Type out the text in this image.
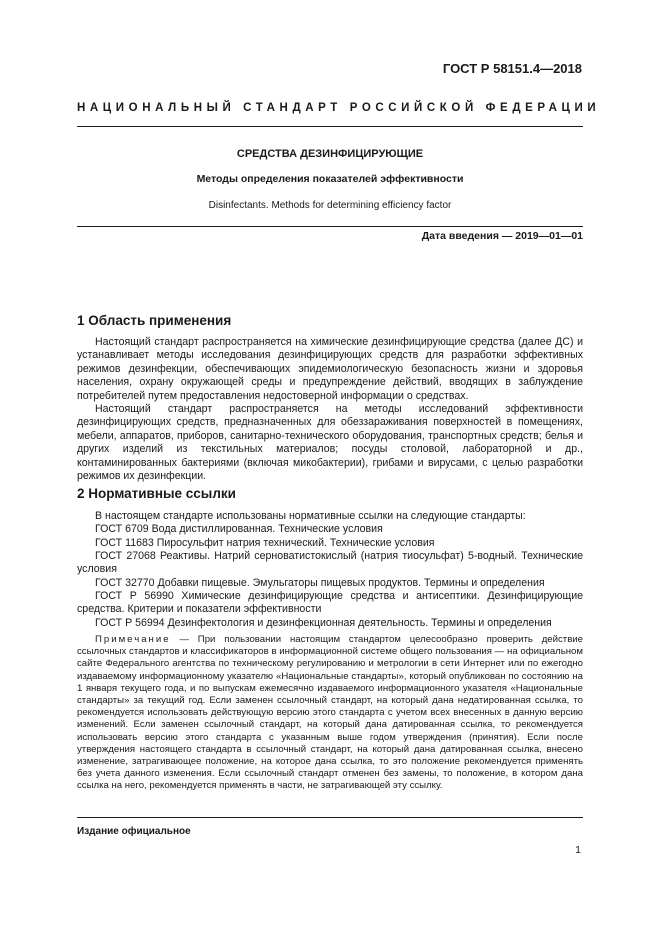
ГОСТ Р 58151.4—2018
НАЦИОНАЛЬНЫЙ СТАНДАРТ РОССИЙСКОЙ ФЕДЕРАЦИИ
СРЕДСТВА ДЕЗИНФИЦИРУЮЩИЕ
Методы определения показателей эффективности
Disinfectants. Methods for determining efficiency factor
Дата введения — 2019—01—01
1 Область применения

Настоящий стандарт распространяется на химические дезинфицирующие средства (далее ДС) и устанавливает методы исследования дезинфицирующих средств для разработки эффективных режимов дезинфекции, обеспечивающих эпидемиологическую безопасность жизни и здоровья населения, охрану окружающей среды и предупреждение действий, вводящих в заблуждение потребителей путем предоставления недостоверной информации о средствах.

Настоящий стандарт распространяется на методы исследований эффективности дезинфицирующих средств, предназначенных для обеззараживания поверхностей в помещениях, мебели, аппаратов, приборов, санитарно-технического оборудования, транспортных средств; белья и других изделий из текстильных материалов; посуды столовой, лабораторной и др., контаминированных бактериями (включая микобактерии), грибами и вирусами, с целью разработки режимов их дезинфекции.

2 Нормативные ссылки
В настоящем стандарте использованы нормативные ссылки на следующие стандарты:
ГОСТ 6709 Вода дистиллированная. Технические условия
ГОСТ 11683 Пиросульфит натрия технический. Технические условия

ГОСТ 27068 Реактивы. Натрий серноватистокислый (натрия тиосульфат) 5-водный. Технические условия

ГОСТ 32770 Добавки пищевые. Эмульгаторы пищевых продуктов. Термины и определения

ГОСТ Р 56990 Химические дезинфицирующие средства и антисептики. Дезинфицирующие средства. Критерии и показатели эффективности

ГОСТ Р 56994 Дезинфектология и дезинфекционная деятельность. Термины и определения

Примечание — При пользовании настоящим стандартом целесообразно проверить действие ссылочных стандартов и классификаторов в информационной системе общего пользования — на официальном сайте Федерального агентства по техническому регулированию и метрологии в сети Интернет или по ежегодно издаваемому информационному указателю «Национальные стандарты», который опубликован по состоянию на 1 января текущего года, и по выпускам ежемесячно издаваемого информационного указателя «Национальные стандарты» за текущий год. Если заменен ссылочный стандарт, на который дана недатированная ссылка, то рекомендуется использовать действующую версию этого стандарта с учетом всех внесенных в данную версию изменений. Если заменен ссылочный стандарт, на который дана датированная ссылка, то рекомендуется использовать версию этого стандарта с указанным выше годом утверждения (принятия). Если после утверждения настоящего стандарта в ссылочный стандарт, на который дана датированная ссылка, внесено изменение, затрагивающее положение, на которое дана ссылка, то это положение рекомендуется применять без учета данного изменения. Если ссылочный стандарт отменен без замены, то положение, в котором дана ссылка на него, рекомендуется применять в части, не затрагивающей эту ссылку.

Издание официальное
1
